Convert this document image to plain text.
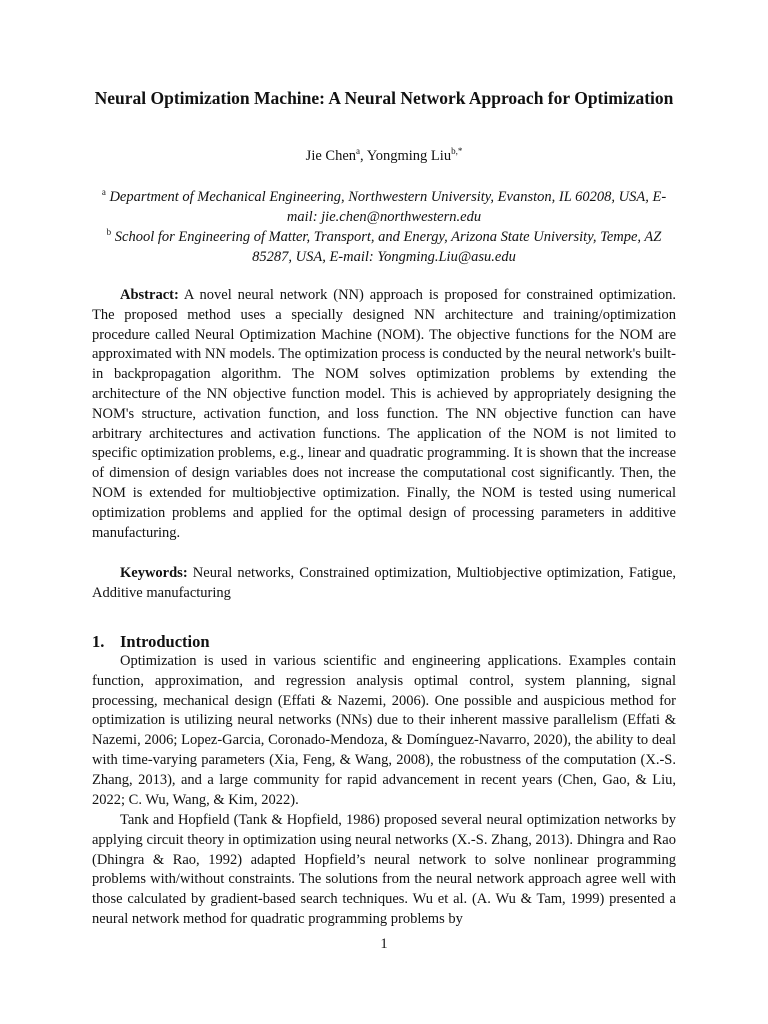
Neural Optimization Machine: A Neural Network Approach for Optimization
Jie Chen$^a$, Yongming Liu$^{b,*}$
$^a$ Department of Mechanical Engineering, Northwestern University, Evanston, IL 60208, USA, E-mail: jie.chen@northwestern.edu
$^b$ School for Engineering of Matter, Transport, and Energy, Arizona State University, Tempe, AZ 85287, USA, E-mail: Yongming.Liu@asu.edu
Abstract: A novel neural network (NN) approach is proposed for constrained optimization. The proposed method uses a specially designed NN architecture and training/optimization procedure called Neural Optimization Machine (NOM). The objective functions for the NOM are approximated with NN models. The optimization process is conducted by the neural network's built-in backpropagation algorithm. The NOM solves optimization problems by extending the architecture of the NN objective function model. This is achieved by appropriately designing the NOM's structure, activation function, and loss function. The NN objective function can have arbitrary architectures and activation functions. The application of the NOM is not limited to specific optimization problems, e.g., linear and quadratic programming. It is shown that the increase of dimension of design variables does not increase the computational cost significantly. Then, the NOM is extended for multiobjective optimization. Finally, the NOM is tested using numerical optimization problems and applied for the optimal design of processing parameters in additive manufacturing.
Keywords: Neural networks, Constrained optimization, Multiobjective optimization, Fatigue, Additive manufacturing
1. Introduction
Optimization is used in various scientific and engineering applications. Examples contain function, approximation, and regression analysis optimal control, system planning, signal processing, mechanical design (Effati & Nazemi, 2006). One possible and auspicious method for optimization is utilizing neural networks (NNs) due to their inherent massive parallelism (Effati & Nazemi, 2006; Lopez-Garcia, Coronado-Mendoza, & Domínguez-Navarro, 2020), the ability to deal with time-varying parameters (Xia, Feng, & Wang, 2008), the robustness of the computation (X.-S. Zhang, 2013), and a large community for rapid advancement in recent years (Chen, Gao, & Liu, 2022; C. Wu, Wang, & Kim, 2022).
Tank and Hopfield (Tank & Hopfield, 1986) proposed several neural optimization networks by applying circuit theory in optimization using neural networks (X.-S. Zhang, 2013). Dhingra and Rao (Dhingra & Rao, 1992) adapted Hopfield’s neural network to solve nonlinear programming problems with/without constraints. The solutions from the neural network approach agree well with those calculated by gradient-based search techniques. Wu et al. (A. Wu & Tam, 1999) presented a neural network method for quadratic programming problems by
1
